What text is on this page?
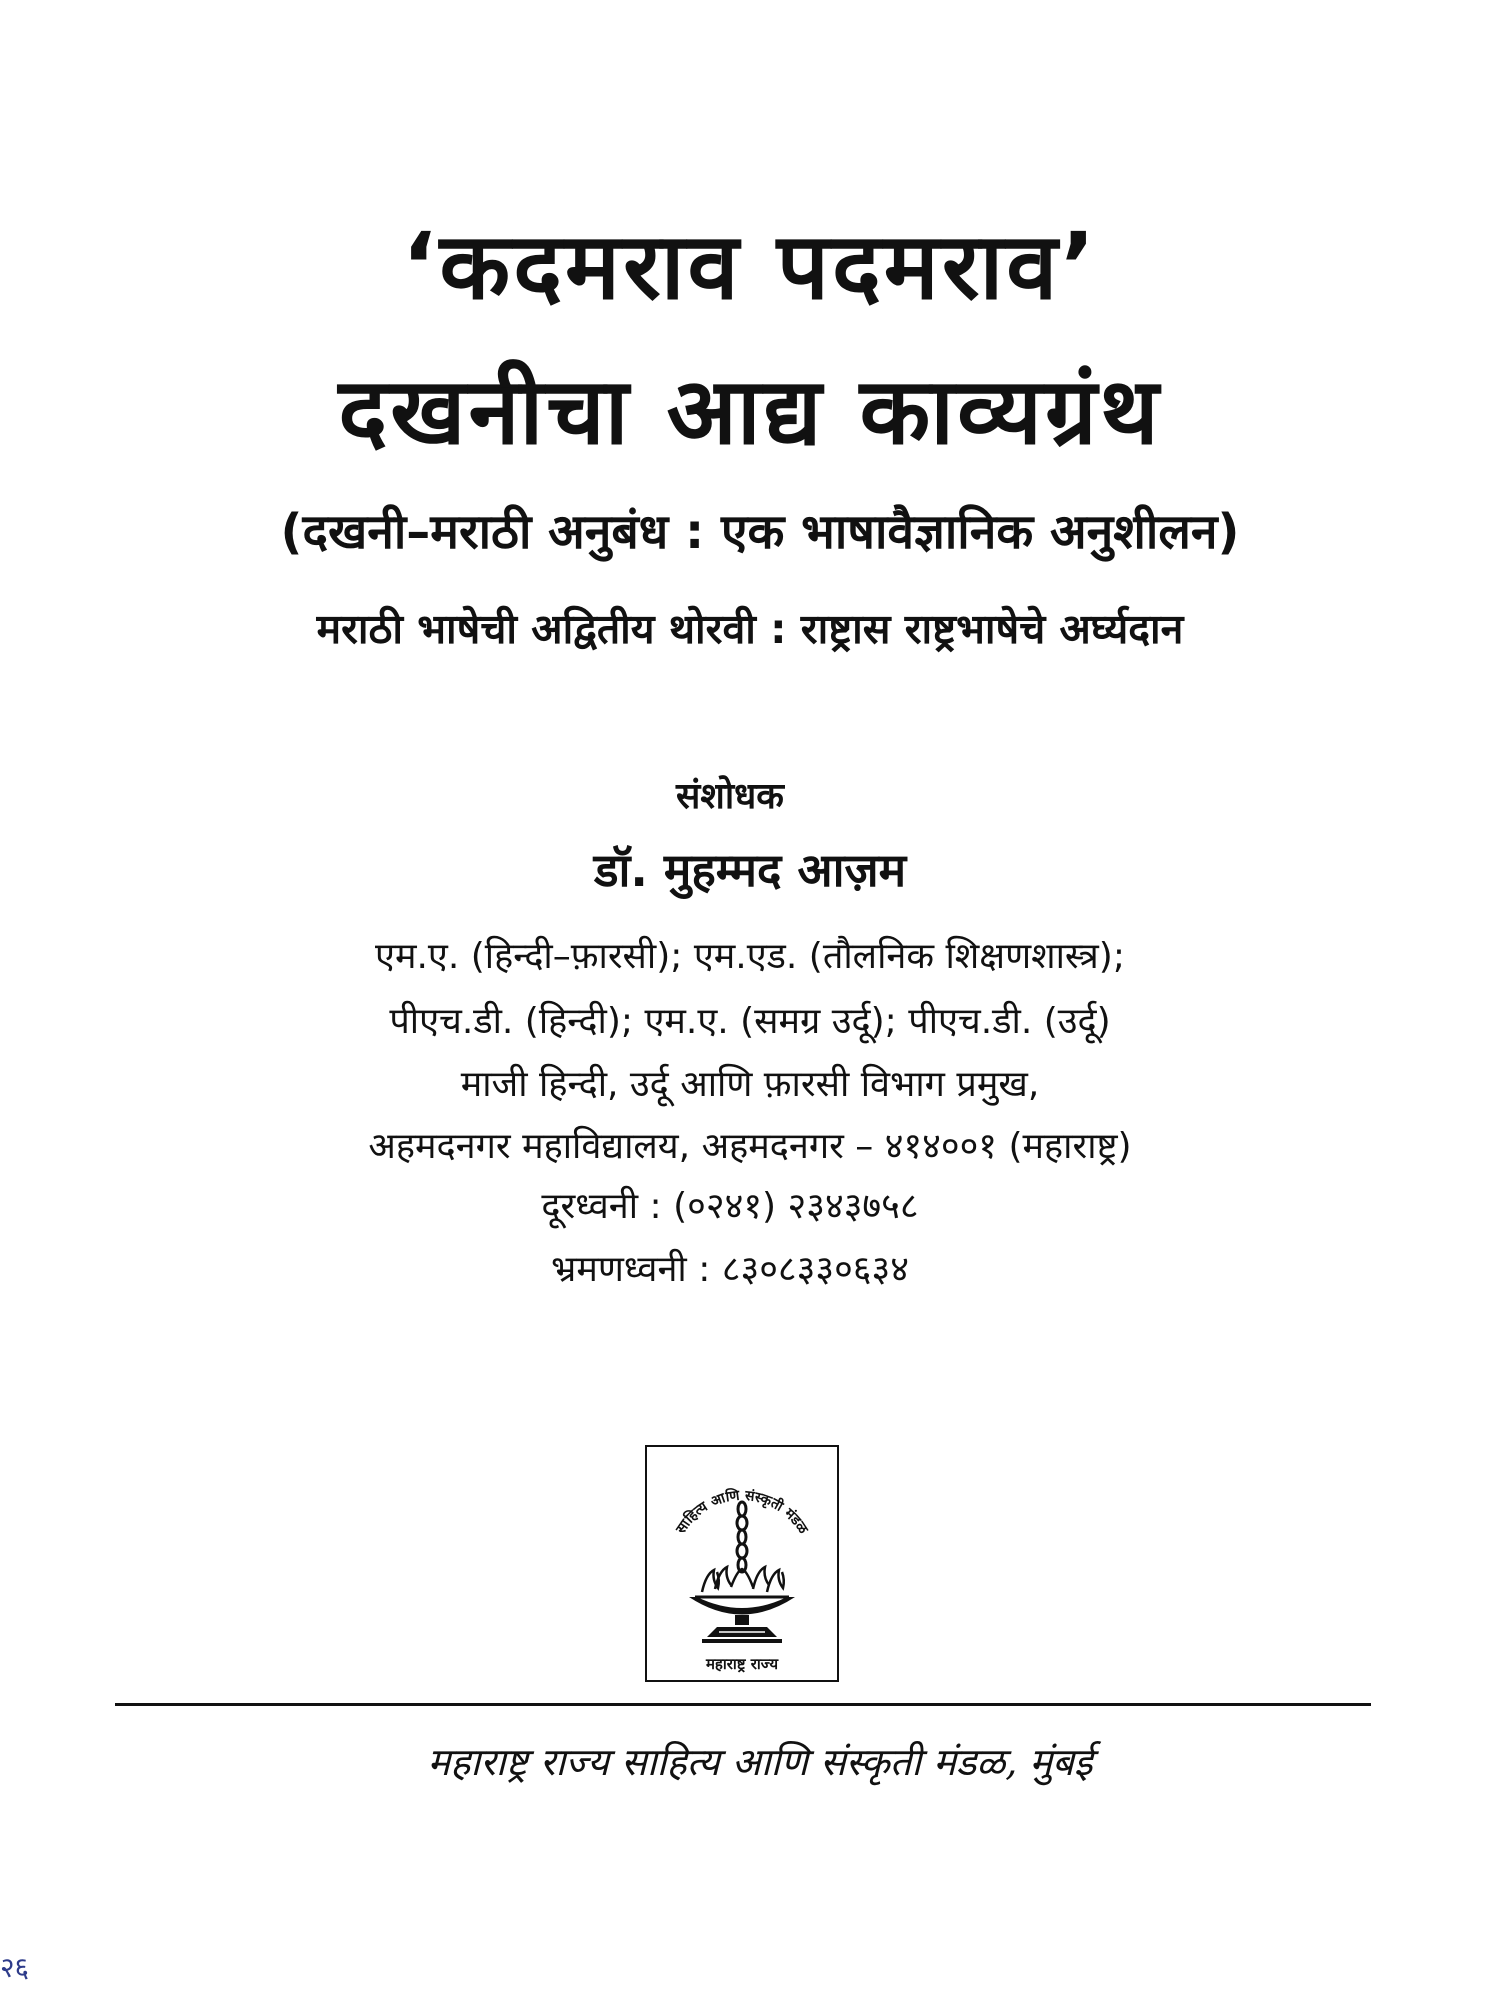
‘कदमराव पदमराव’
दखनीचा आद्य काव्यग्रंथ
(दखनी–मराठी अनुबंध : एक भाषावैज्ञानिक अनुशीलन)
मराठी भाषेची अद्वितीय थोरवी : राष्ट्रास राष्ट्रभाषेचे अर्घ्यदान
संशोधक
डॉ. मुहम्मद आज़म
एम.ए. (हिन्दी–फ़ारसी); एम.एड. (तौलनिक शिक्षणशास्त्र);
पीएच.डी. (हिन्दी); एम.ए. (समग्र उर्दू); पीएच.डी. (उर्दू)
माजी हिन्दी, उर्दू आणि फ़ारसी विभाग प्रमुख,
अहमदनगर महाविद्यालय, अहमदनगर – ४१४००१ (महाराष्ट्र)
दूरध्वनी : (०२४१) २३४३७५८
भ्रमणध्वनी : ८३०८३३०६३४
साहित्य आणि संस्कृती मंडळ
महाराष्ट्र राज्य
महाराष्ट्र राज्य साहित्य आणि संस्कृती मंडळ, मुंबई
२६
